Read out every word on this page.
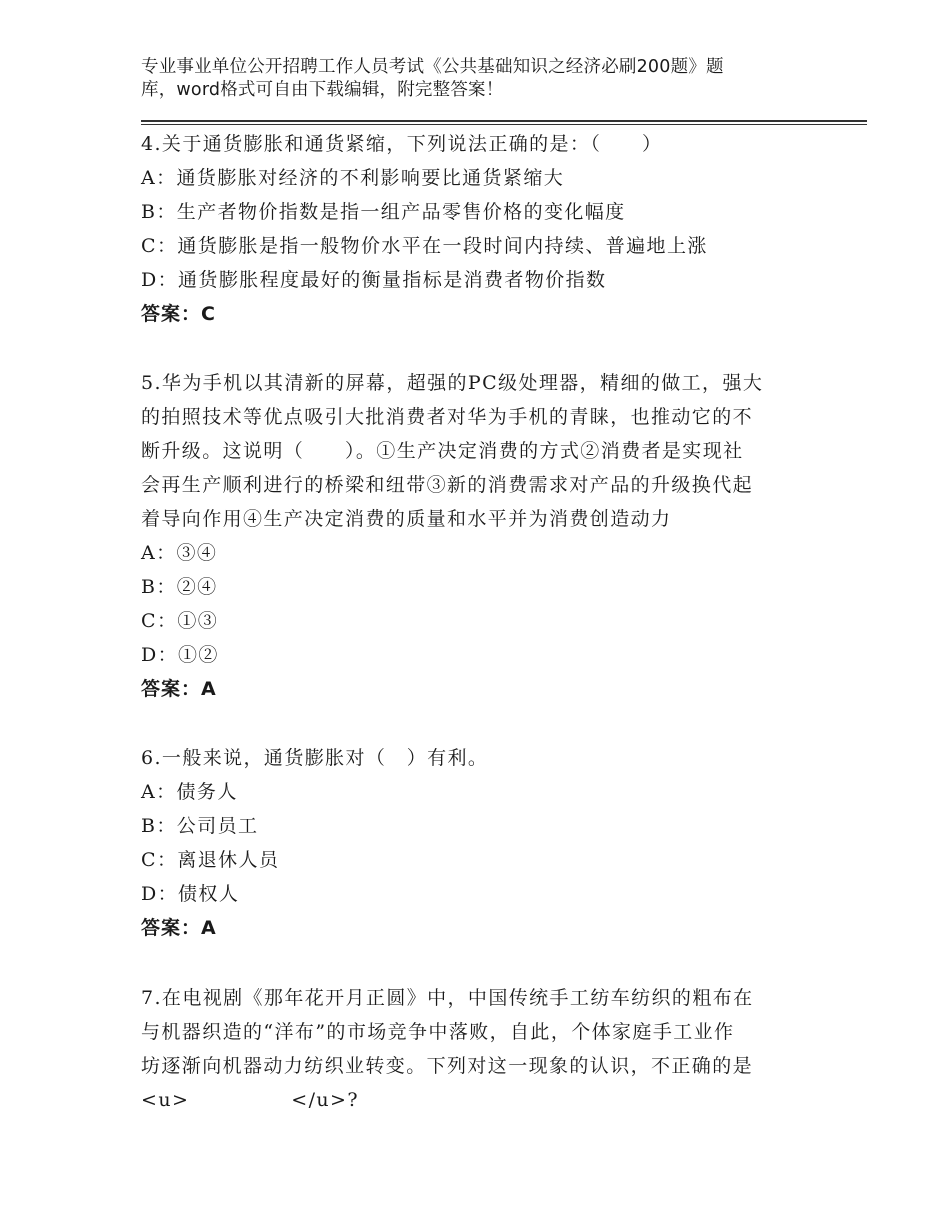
专业事业单位公开招聘工作人员考试《公共基础知识之经济必刷200题》题
库，word格式可自由下载编辑，附完整答案！
4.关于通货膨胀和通货紧缩，下列说法正确的是：（　　）
A：通货膨胀对经济的不利影响要比通货紧缩大
B：生产者物价指数是指一组产品零售价格的变化幅度
C：通货膨胀是指一般物价水平在一段时间内持续、普遍地上涨
D：通货膨胀程度最好的衡量指标是消费者物价指数
答案：C
5.华为手机以其清新的屏幕，超强的PC级处理器，精细的做工，强大
的拍照技术等优点吸引大批消费者对华为手机的青睐，也推动它的不
断升级。这说明（　　）。①生产决定消费的方式②消费者是实现社
会再生产顺利进行的桥梁和纽带③新的消费需求对产品的升级换代起
着导向作用④生产决定消费的质量和水平并为消费创造动力
A：③④
B：②④
C：①③
D：①②
答案：A
6.一般来说，通货膨胀对（　）有利。
A：债务人
B：公司员工
C：离退休人员
D：债权人
答案：A
7.在电视剧《那年花开月正圆》中，中国传统手工纺车纺织的粗布在
与机器织造的“洋布”的市场竞争中落败，自此，个体家庭手工业作
坊逐渐向机器动力纺织业转变。下列对这一现象的认识，不正确的是
<u>　　　　　</u>?
